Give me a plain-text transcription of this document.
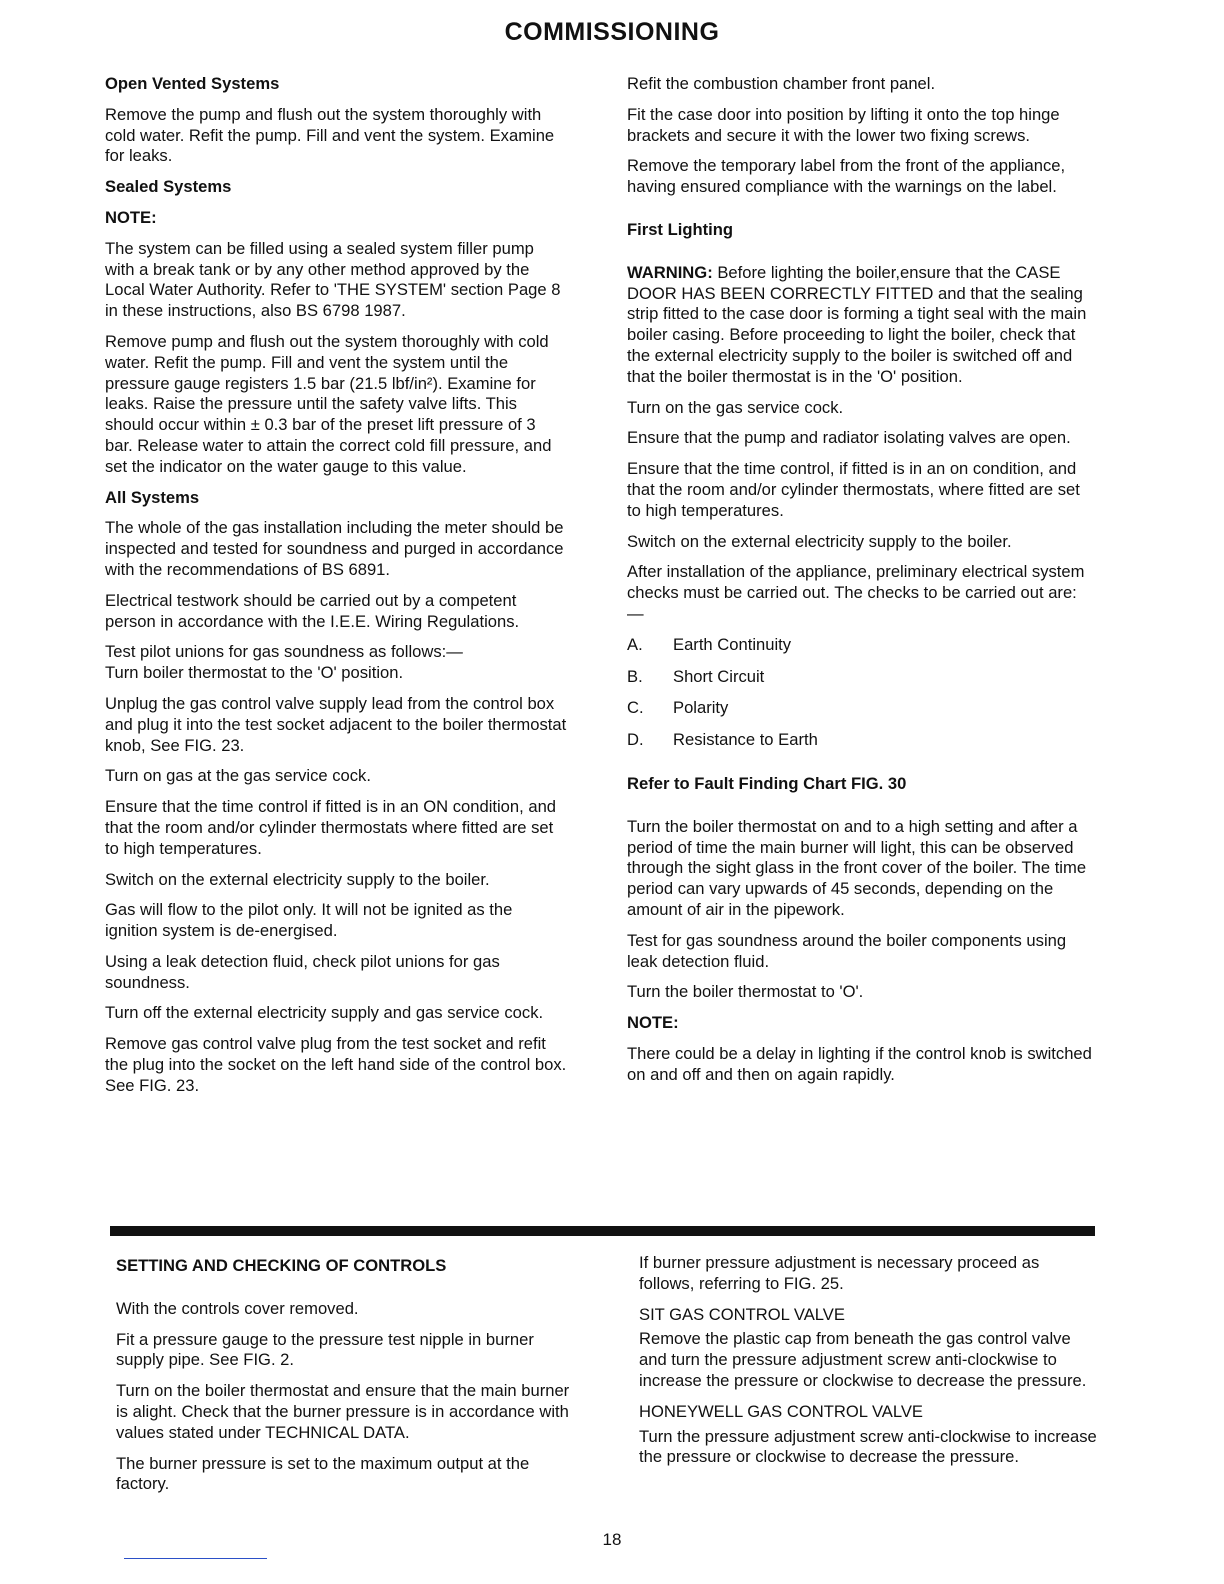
COMMISSIONING
Open Vented Systems

Remove the pump and flush out the system thoroughly with cold water. Refit the pump. Fill and vent the system. Examine for leaks.

Sealed Systems
NOTE:

The system can be filled using a sealed system filler pump with a break tank or by any other method approved by the Local Water Authority. Refer to 'THE SYSTEM' section Page 8 in these instructions, also BS 6798 1987.

Remove pump and flush out the system thoroughly with cold water. Refit the pump. Fill and vent the system until the pressure gauge registers 1.5 bar (21.5 lbf/in²). Examine for leaks. Raise the pressure until the safety valve lifts. This should occur within ± 0.3 bar of the preset lift pressure of 3 bar. Release water to attain the correct cold fill pressure, and set the indicator on the water gauge to this value.

All Systems

The whole of the gas installation including the meter should be inspected and tested for soundness and purged in accordance with the recommendations of BS 6891.

Electrical testwork should be carried out by a competent person in accordance with the I.E.E. Wiring Regulations.

Test pilot unions for gas soundness as follows:—
Turn boiler thermostat to the 'O' position.

Unplug the gas control valve supply lead from the control box and plug it into the test socket adjacent to the boiler thermostat knob, See FIG. 23.

Turn on gas at the gas service cock.

Ensure that the time control if fitted is in an ON condition, and that the room and/or cylinder thermostats where fitted are set to high temperatures.

Switch on the external electricity supply to the boiler.

Gas will flow to the pilot only. It will not be ignited as the ignition system is de-energised.

Using a leak detection fluid, check pilot unions for gas soundness.

Turn off the external electricity supply and gas service cock.

Remove gas control valve plug from the test socket and refit the plug into the socket on the left hand side of the control box. See FIG. 23.

Refit the combustion chamber front panel.

Fit the case door into position by lifting it onto the top hinge brackets and secure it with the lower two fixing screws.

Remove the temporary label from the front of the appliance, having ensured compliance with the warnings on the label.

First Lighting

WARNING: Before lighting the boiler,ensure that the CASE DOOR HAS BEEN CORRECTLY FITTED and that the sealing strip fitted to the case door is forming a tight seal with the main boiler casing. Before proceeding to light the boiler, check that the external electricity supply to the boiler is switched off and that the boiler thermostat is in the 'O' position.

Turn on the gas service cock.

Ensure that the pump and radiator isolating valves are open.

Ensure that the time control, if fitted is in an on condition, and that the room and/or cylinder thermostats, where fitted are set to high temperatures.

Switch on the external electricity supply to the boiler.

After installation of the appliance, preliminary electrical system checks must be carried out. The checks to be carried out are:—

A.	Earth Continuity
B.	Short Circuit
C.	Polarity
D.	Resistance to Earth
Refer to Fault Finding Chart FIG. 30

Turn the boiler thermostat on and to a high setting and after a period of time the main burner will light, this can be observed through the sight glass in the front cover of the boiler. The time period can vary upwards of 45 seconds, depending on the amount of air in the pipework.

Test for gas soundness around the boiler components using leak detection fluid.

Turn the boiler thermostat to 'O'.

NOTE:

There could be a delay in lighting if the control knob is switched on and off and then on again rapidly.

SETTING AND CHECKING OF CONTROLS

With the controls cover removed.

Fit a pressure gauge to the pressure test nipple in burner supply pipe. See FIG. 2.

Turn on the boiler thermostat and ensure that the main burner is alight. Check that the burner pressure is in accordance with values stated under TECHNICAL DATA.

The burner pressure is set to the maximum output at the factory.

If burner pressure adjustment is necessary proceed as follows, referring to FIG. 25.

SIT GAS CONTROL VALVE

Remove the plastic cap from beneath the gas control valve and turn the pressure adjustment screw anti-clockwise to increase the pressure or clockwise to decrease the pressure.

HONEYWELL GAS CONTROL VALVE

Turn the pressure adjustment screw anti-clockwise to increase the pressure or clockwise to decrease the pressure.

18
